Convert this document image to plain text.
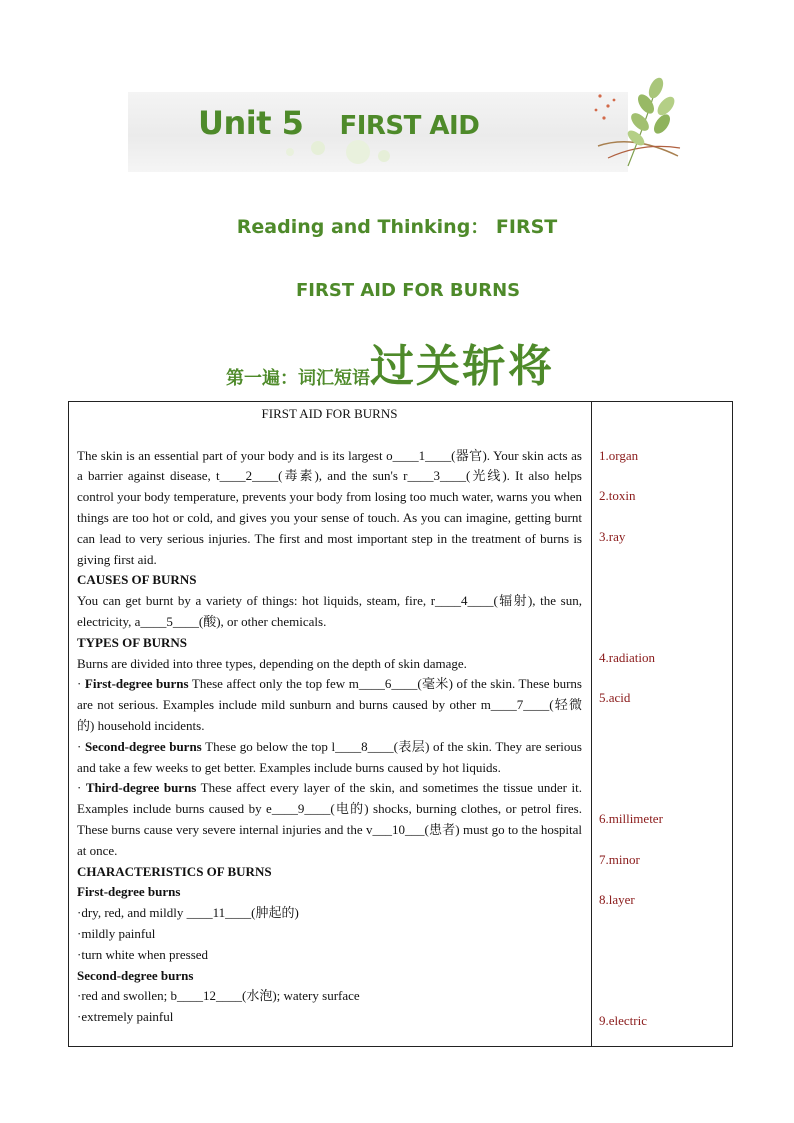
Unit 5 FIRST AID
Reading and Thinking： FIRST
FIRST AID FOR BURNS
第一遍：词汇短语 过关斩将

FIRST AID FOR BURNS

The skin is an essential part of your body and is its largest o____1____(器官). Your skin acts as a barrier against disease, t____2____(毒素), and the sun's r____3____(光线). It also helps control your body temperature, prevents your body from losing too much water, warns you when things are too hot or cold, and gives you your sense of touch. As you can imagine, getting burnt can lead to very serious injuries. The first and most important step in the treatment of burns is giving first aid.

CAUSES OF BURNS

You can get burnt by a variety of things: hot liquids, steam, fire, r____4____(辐射), the sun, electricity, a____5____(酸), or other chemicals.

TYPES OF BURNS

Burns are divided into three types, depending on the depth of skin damage.

· First-degree burns These affect only the top few m____6____(毫米) of the skin. These burns are not serious. Examples include mild sunburn and burns caused by other m____7____(轻微的) household incidents.

· Second-degree burns These go below the top l____8____(表层) of the skin. They are serious and take a few weeks to get better. Examples include burns caused by hot liquids.

· Third-degree burns These affect every layer of the skin, and sometimes the tissue under it. Examples include burns caused by e____9____(电的) shocks, burning clothes, or petrol fires. These burns cause very severe internal injuries and the v___10___(患者) must go to the hospital at once.

CHARACTERISTICS OF BURNS

First-degree burns

·dry, red, and mildly ____11____(肿起的)

·mildly painful

·turn white when pressed

Second-degree burns

·red and swollen; b____12____(水泡); watery surface

·extremely painful

1.organ
2.toxin
3.ray
4.radiation
5.acid
6.millimeter
7.minor
8.layer
9.electric
